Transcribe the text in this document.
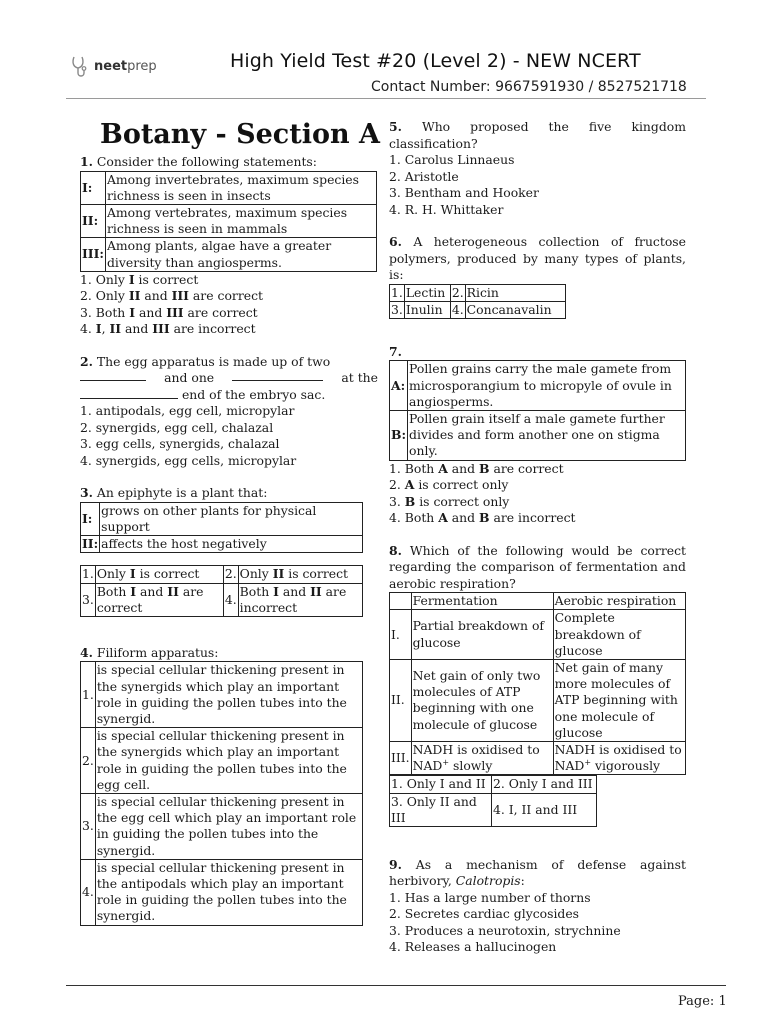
neet prep	High Yield Test #20 (Level 2) - NEW NCERT
Contact Number: 9667591930 / 8527521718
Botany - Section A
1. Consider the following statements:
I:	Among invertebrates, maximum species richness is seen in insects
II:	Among vertebrates, maximum species richness is seen in mammals
III:	Among plants, algae have a greater diversity than angiosperms.
1. Only I is correct
2. Only II and III are correct
3. Both I and III are correct
4. I, II and III are incorrect
2. The egg apparatus is made up of two
and one	at the
end of the embryo sac.
1. antipodals, egg cell, micropylar
2. synergids, egg cell, chalazal
3. egg cells, synergids, chalazal
4. synergids, egg cells, micropylar
3. An epiphyte is a plant that:
I:	grows on other plants for physical support
II:	affects the host negatively
1.	Only I is correct	2.	Only II is correct
3.	Both I and II are correct	4.	Both I and II are incorrect
4. Filiform apparatus:
1.	is special cellular thickening present in the synergids which play an important role in guiding the pollen tubes into the synergid.
2.	is special cellular thickening present in the synergids which play an important role in guiding the pollen tubes into the egg cell.
3.	is special cellular thickening present in the egg cell which play an important role in guiding the pollen tubes into the synergid.
4.	is special cellular thickening present in the antipodals which play an important role in guiding the pollen tubes into the synergid.
5. Who proposed the five kingdom classification?
1. Carolus Linnaeus
2. Aristotle
3. Bentham and Hooker
4. R. H. Whittaker
6. A heterogeneous collection of fructose polymers, produced by many types of plants, is:
1.	Lectin	2.	Ricin
3.	Inulin	4.	Concanavalin
7.
A:	Pollen grains carry the male gamete from microsporangium to micropyle of ovule in angiosperms.
B:	Pollen grain itself a male gamete further divides and form another one on stigma only.
1. Both A and B are correct
2. A is correct only
3. B is correct only
4. Both A and B are incorrect
8. Which of the following would be correct regarding the comparison of fermentation and aerobic respiration?
	Fermentation	Aerobic respiration
I.	Partial breakdown of glucose	Complete breakdown of glucose
II.	Net gain of only two molecules of ATP beginning with one molecule of glucose	Net gain of many more molecules of ATP beginning with one molecule of glucose
III.	NADH is oxidised to NAD+ slowly	NADH is oxidised to NAD+ vigorously
1. Only I and II	2. Only I and III
3. Only II and III	4. I, II and III
9. As a mechanism of defense against herbivory, Calotropis:
1. Has a large number of thorns
2. Secretes cardiac glycosides
3. Produces a neurotoxin, strychnine
4. Releases a hallucinogen
Page: 1
